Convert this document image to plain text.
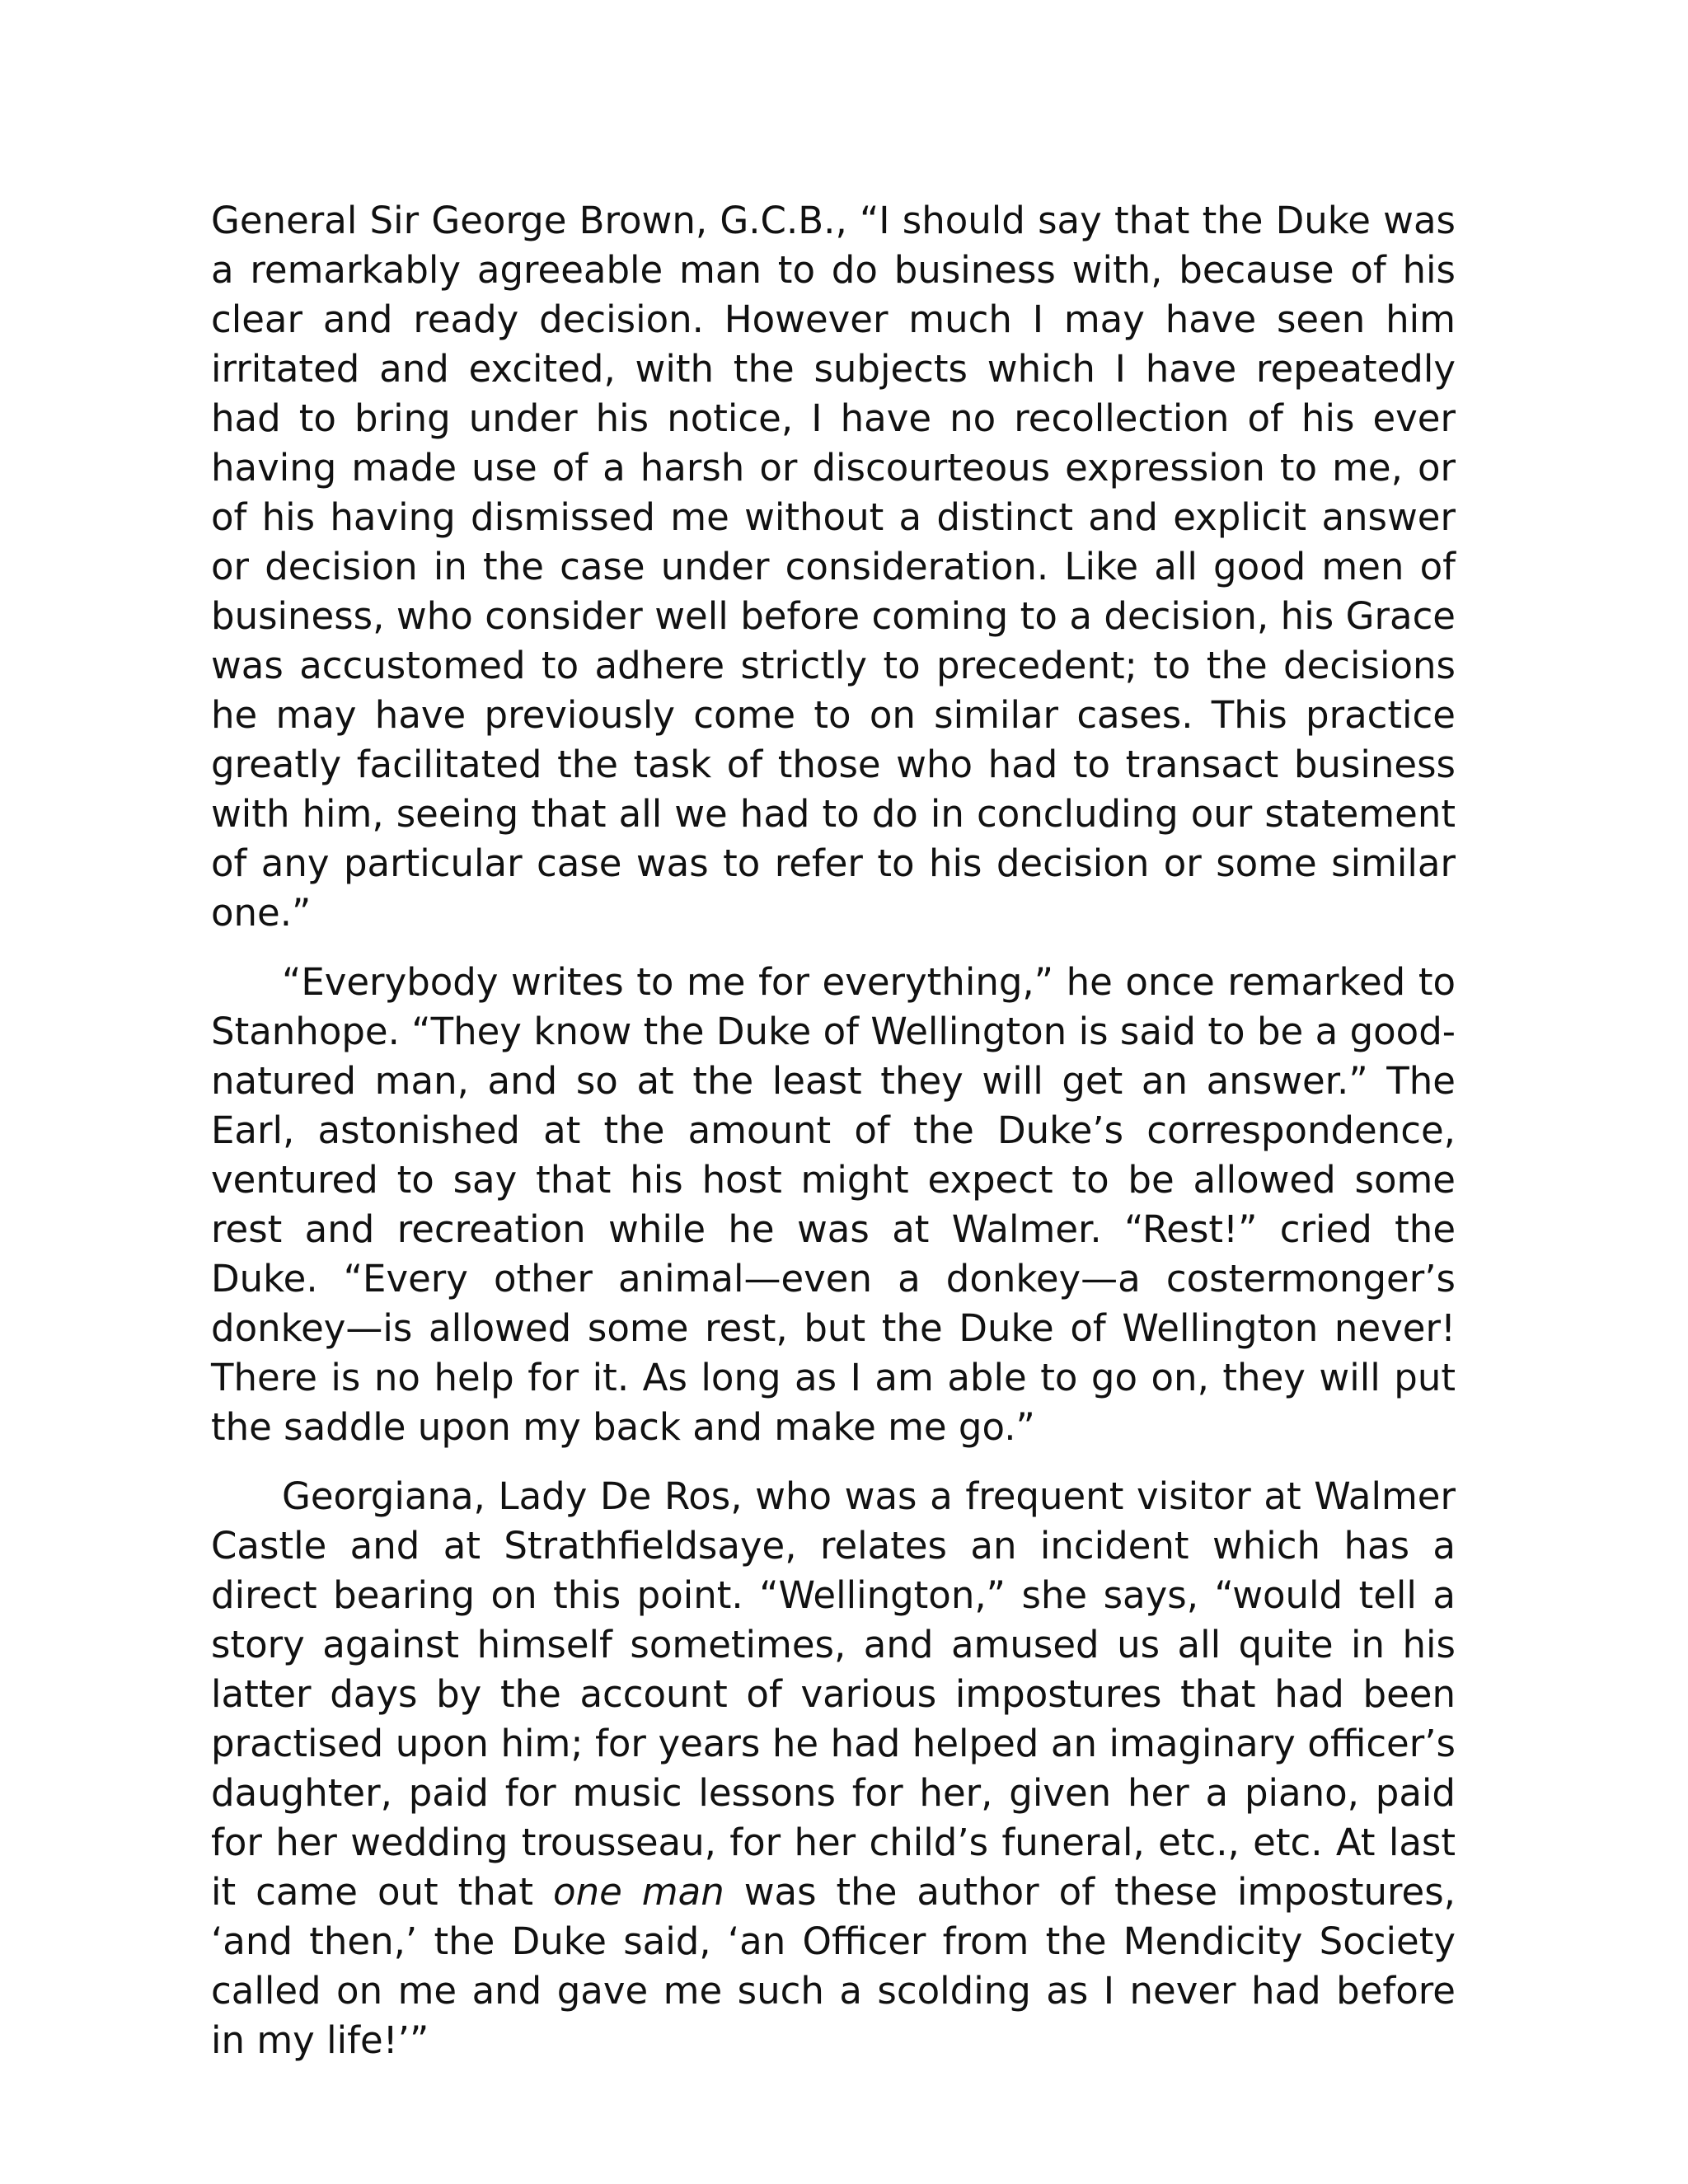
General Sir George Brown, G.C.B., “I should say that the Duke was a remarkably agreeable man to do business with, because of his clear and ready decision. However much I may have seen him irritated and excited, with the subjects which I have repeatedly had to bring under his notice, I have no recollection of his ever having made use of a harsh or discourteous expression to me, or of his having dismissed me without a distinct and explicit answer or decision in the case under consideration. Like all good men of business, who consider well before coming to a decision, his Grace was accustomed to adhere strictly to precedent; to the decisions he may have previously come to on similar cases. This practice greatly facilitated the task of those who had to transact business with him, seeing that all we had to do in concluding our statement of any particular case was to refer to his decision or some similar one.”

“Everybody writes to me for everything,” he once remarked to Stanhope. “They know the Duke of Wellington is said to be a good-natured man, and so at the least they will get an answer.” The Earl, astonished at the amount of the Duke’s correspondence, ventured to say that his host might expect to be allowed some rest and recreation while he was at Walmer. “Rest!” cried the Duke. “Every other animal—even a donkey—a costermonger’s donkey—is allowed some rest, but the Duke of Wellington never! There is no help for it. As long as I am able to go on, they will put the saddle upon my back and make me go.”

Georgiana, Lady De Ros, who was a frequent visitor at Walmer Castle and at Strathfieldsaye, relates an incident which has a direct bearing on this point. “Wellington,” she says, “would tell a story against himself sometimes, and amused us all quite in his latter days by the account of various impostures that had been practised upon him; for years he had helped an imaginary officer’s daughter, paid for music lessons for her, given her a piano, paid for her wedding trousseau, for her child’s funeral, etc., etc. At last it came out that one man was the author of these impostures, ‘and then,’ the Duke said, ‘an Officer from the Mendicity Society called on me and gave me such a scolding as I never had before in my life!’”
